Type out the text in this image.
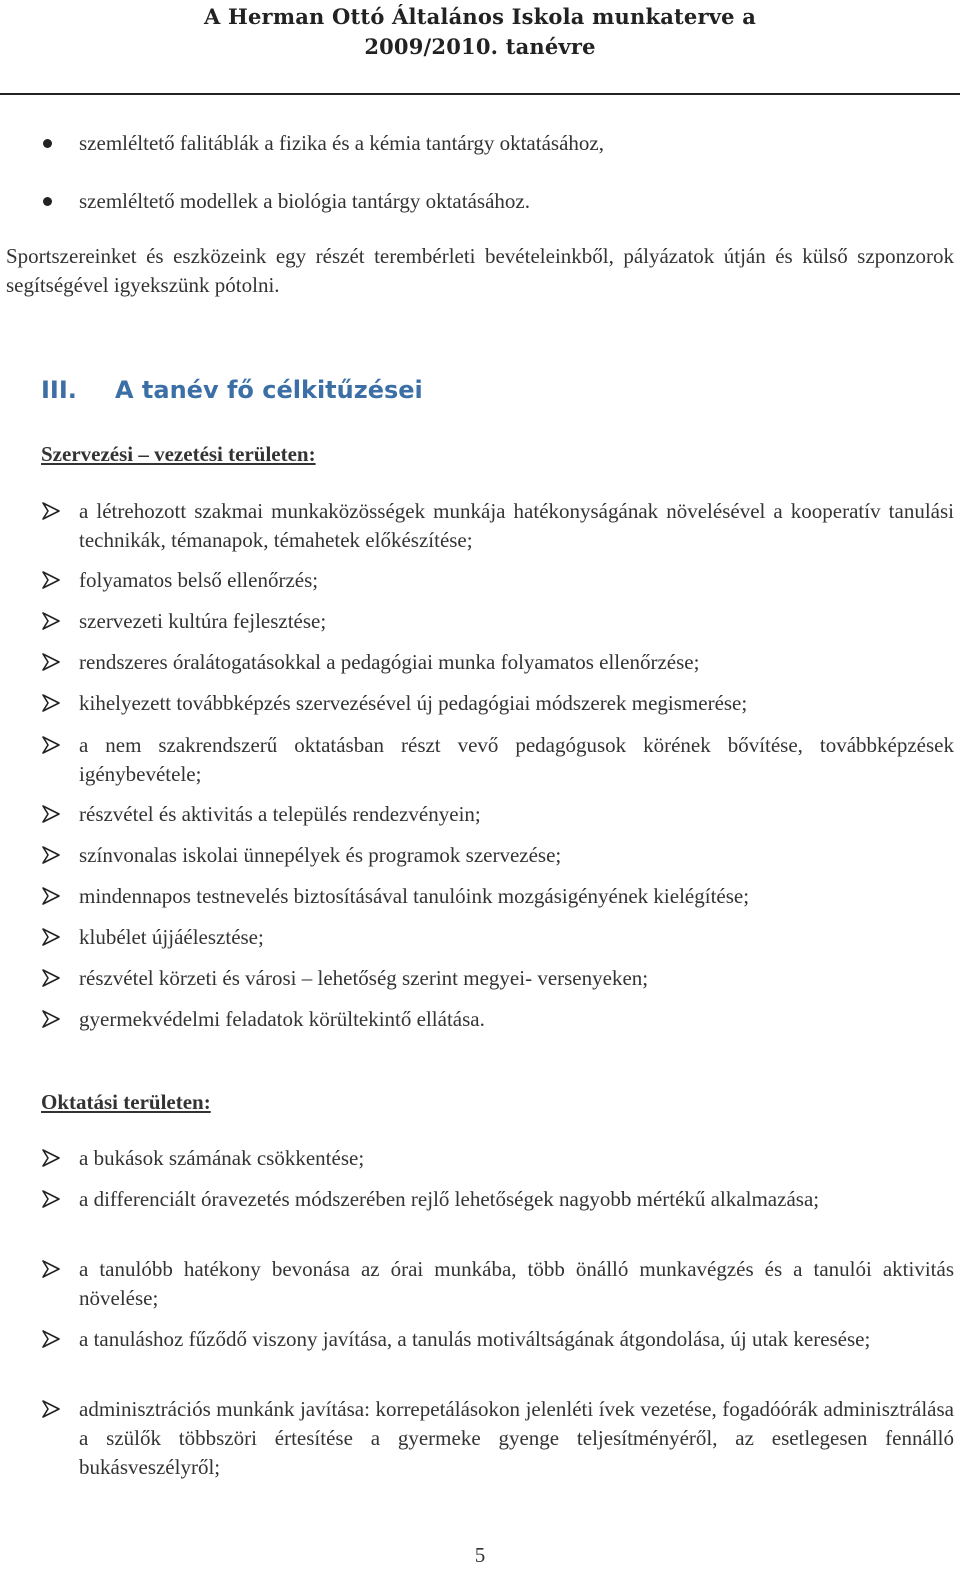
A Herman Ottó Általános Iskola munkaterve a
2009/2010. tanévre
szemléltető falitáblák a fizika és a kémia tantárgy oktatásához,
szemléltető modellek a biológia tantárgy oktatásához.
Sportszereinket és eszközeink egy részét terembérleti bevételeinkből, pályázatok útján és külső szponzorok segítségével igyekszünk pótolni.
III. A tanév fő célkitűzései
Szervezési – vezetési területen:
a létrehozott szakmai munkaközösségek munkája hatékonyságának növelésével a kooperatív tanulási technikák, témanapok, témahetek előkészítése;
folyamatos belső ellenőrzés;
szervezeti kultúra fejlesztése;
rendszeres óralátogatásokkal a pedagógiai munka folyamatos ellenőrzése;
kihelyezett továbbképzés szervezésével új pedagógiai módszerek megismerése;
a nem szakrendszerű oktatásban részt vevő pedagógusok körének bővítése, továbbképzések igénybevétele;
részvétel és aktivitás a település rendezvényein;
színvonalas iskolai ünnepélyek és programok szervezése;
mindennapos testnevelés biztosításával tanulóink mozgásigényének kielégítése;
klubélet újjáélesztése;
részvétel körzeti és városi – lehetőség szerint megyei- versenyeken;
gyermekvédelmi feladatok körültekintő ellátása.
Oktatási területen:
a bukások számának csökkentése;
a differenciált óravezetés módszerében rejlő lehetőségek nagyobb mértékű alkalmazása;
a tanulóbb hatékony bevonása az órai munkába, több önálló munkavégzés és a tanulói aktivitás növelése;
a tanuláshoz fűződő viszony javítása, a tanulás motiváltságának átgondolása, új utak keresése;
adminisztrációs munkánk javítása: korrepetálásokon jelenléti ívek vezetése, fogadóórák adminisztrálása a szülők többszöri értesítése a gyermeke gyenge teljesítményéről, az esetlegesen fennálló bukásveszélyről;
5
